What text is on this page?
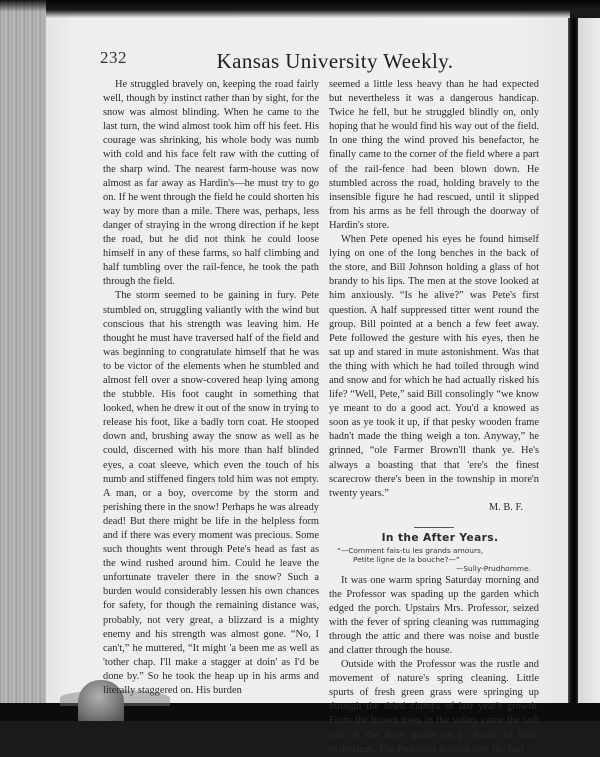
232	Kansas University Weekly.

He struggled bravely on, keeping the road fairly well, though by instinct rather than by sight, for the snow was almost blinding. When he came to the last turn, the wind almost took him off his feet. His courage was shrinking, his whole body was numb with cold and his face felt raw with the cutting of the sharp wind. The nearest farm-house was now almost as far away as Hardin's—he must try to go on. If he went through the field he could shorten his way by more than a mile. There was, perhaps, less danger of straying in the wrong direction if he kept the road, but he did not think he could loose himself in any of these farms, so half climbing and half tumbling over the rail-fence, he took the path through the field.

The storm seemed to be gaining in fury. Pete stumbled on, struggling valiantly with the wind but conscious that his strength was leaving him. He thought he must have traversed half of the field and was beginning to congratulate himself that he was to be victor of the elements when he stumbled and almost fell over a snow-covered heap lying among the stubble. His foot caught in something that looked, when he drew it out of the snow in trying to release his foot, like a badly torn coat. He stooped down and, brushing away the snow as well as he could, discerned with his more than half blinded eyes, a coat sleeve, which even the touch of his numb and stiffened fingers told him was not empty. A man, or a boy, overcome by the storm and perishing there in the snow! Perhaps he was already dead! But there might be life in the helpless form and if there was every moment was precious. Some such thoughts went through Pete's head as fast as the wind rushed around him. Could he leave the unfortunate traveler there in the snow? Such a burden would considerably lessen his own chances for safety, for though the remaining distance was, probably, not very great, a blizzard is a mighty enemy and his strength was almost gone. “No, I can't,” he muttered, “It might 'a been me as well as 'tother chap. I'll make a stagger at doin' as I'd be done by.” So he took the heap up in his arms and literally staggered on. His burden

seemed a little less heavy than he had expected but nevertheless it was a dangerous handicap. Twice he fell, but he struggled blindly on, only hoping that he would find his way out of the field. In one thing the wind proved his benefactor, he finally came to the corner of the field where a part of the rail-fence had been blown down. He stumbled across the road, holding bravely to the insensible figure he had rescued, until it slipped from his arms as he fell through the doorway of Hardin's store.

When Pete opened his eyes he found himself lying on one of the long benches in the back of the store, and Bill Johnson holding a glass of hot brandy to his lips. The men at the stove looked at him anxiously. “Is he alive?” was Pete's first question. A half suppressed titter went round the group. Bill pointed at a bench a few feet away. Pete followed the gesture with his eyes, then he sat up and stared in mute astonishment. Was that the thing with which he had toiled through wind and snow and for which he had actually risked his life? “Well, Pete,” said Bill consolingly “we know ye meant to do a good act. You'd a knowed as soon as ye took it up, if that pesky wooden frame hadn't made the thing weigh a ton. Anyway,” he grinned, “ole Farmer Brown'll thank ye. He's always a boasting that that 'ere's the finest scarecrow there's been in the township in more'n twenty years.”

M. B. F.

In the After Years.

“—Comment fais-tu les grands amours,
Petite ligne de la bouche?—”

—Sully-Prudhomme.

It was one warm spring Saturday morning and the Professor was spading up the garden which edged the porch. Upstairs Mrs. Professor, seized with the fever of spring cleaning was rummaging through the attic and there was noise and bustle and clatter through the house.

Outside with the Professor was the rustle and movement of nature's spring cleaning. Little spurts of fresh green grass were springing up through the dried clumps of last year's growth. From the brown trees in the valley came the soft call of the dove borne on a chorus of bird-twitterings. The Professor noticed how the bud
